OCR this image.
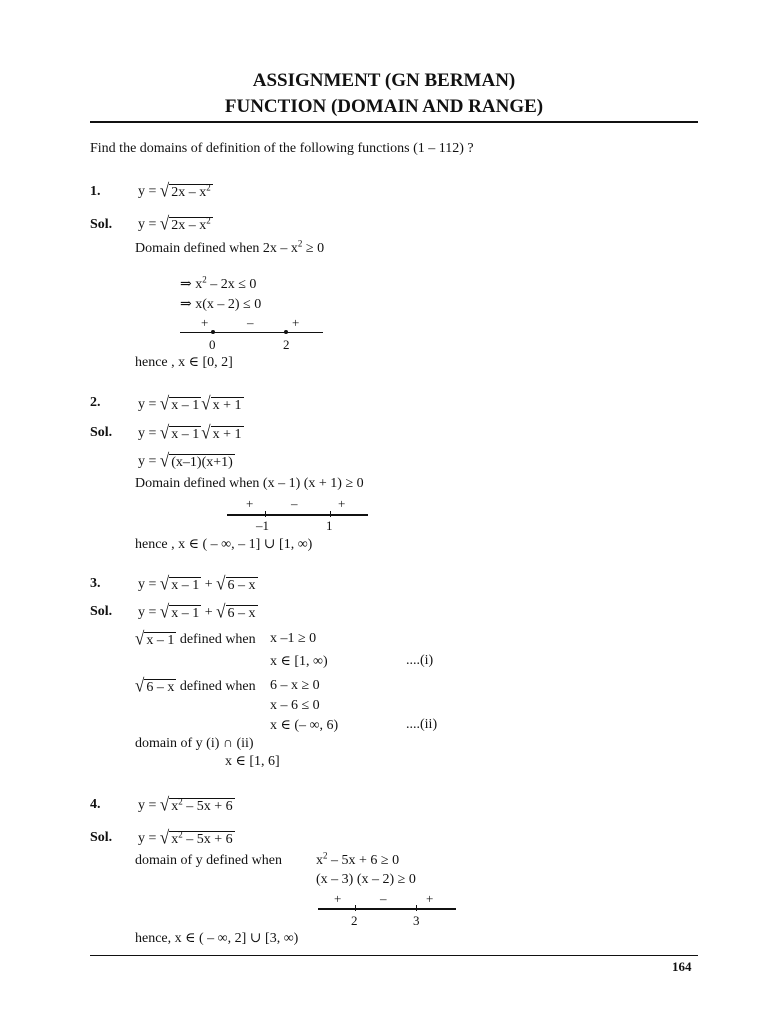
ASSIGNMENT (GN BERMAN)
FUNCTION (DOMAIN AND RANGE)
Find the domains of definition of the following functions (1 – 112) ?
1.	y = √ $2x - x^2$
Sol. y = √ $2x - x^2$
Domain defined when $2x - x^2 \ge 0$
⇒ $x^2 - 2x \le 0$
⇒ x(x – 2) ≤ 0
+	–	+
0	2
hence , x ∈ [0, 2]
2.	y = √ x – 1 √ x + 1
Sol. y = √ x – 1 √ x + 1
y = √ (x–1)(x+1)
Domain defined when (x – 1) (x + 1) ≥ 0
+	–	+
–1	1
hence , x ∈ ( – ∞, – 1] ∪ [1, ∞)
3.	y = √ x – 1 + √ 6 – x
Sol. y = √ x – 1 + √ 6 – x
√ x – 1 defined when x –1 ≥ 0
x ∈ [1, ∞)	....(i)
√ 6 – x defined when 6 – x ≥ 0
x – 6 ≤ 0
x ∈ (– ∞, 6)	....(ii)
domain of y (i) ∩ (ii)
x ∈ [1, 6]
4.	y = √ $x^2 - 5x + 6$
Sol. y = √ $x^2 - 5x + 6$
domain of y defined when $x^2 - 5x + 6 \ge 0$
(x – 3) (x – 2) ≥ 0
+	–	+
2	3
hence, x ∈ ( – ∞, 2] ∪ [3, ∞)
164
